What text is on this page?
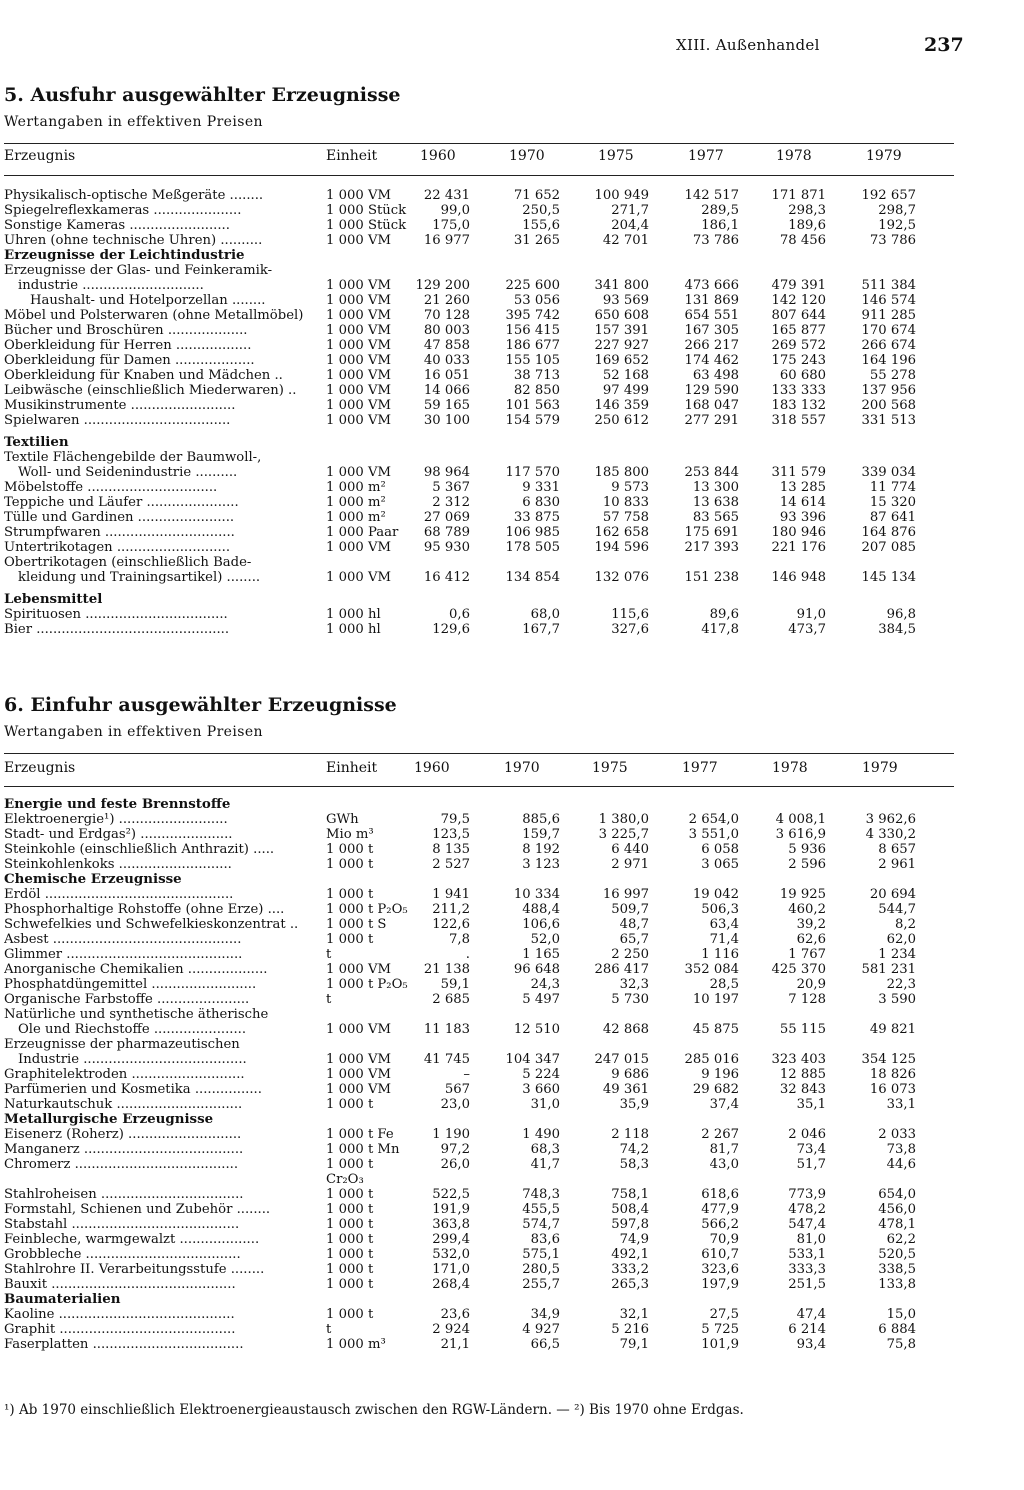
XIII. Außenhandel	237
5. Ausfuhr ausgewählter Erzeugnisse
Wertangaben in effektiven Preisen
Erzeugnis	Einheit	1960	1970	1975	1977	1978	1979
Physikalisch-optische Meßgeräte ........	1 000 VM	22 431	71 652	100 949	142 517	171 871	192 657
Spiegelreflexkameras .....................	1 000 Stück	99,0	250,5	271,7	289,5	298,3	298,7
Sonstige Kameras ........................	1 000 Stück	175,0	155,6	204,4	186,1	189,6	192,5
Uhren (ohne technische Uhren) ..........	1 000 VM	16 977	31 265	42 701	73 786	78 456	73 786
Erzeugnisse der Leichtindustrie
Erzeugnisse der Glas- und Feinkeramik-
industrie .............................	1 000 VM	129 200	225 600	341 800	473 666	479 391	511 384
Haushalt- und Hotelporzellan ........	1 000 VM	21 260	53 056	93 569	131 869	142 120	146 574
Möbel und Polsterwaren (ohne Metallmöbel)	1 000 VM	70 128	395 742	650 608	654 551	807 644	911 285
Bücher und Broschüren ...................	1 000 VM	80 003	156 415	157 391	167 305	165 877	170 674
Oberkleidung für Herren ..................	1 000 VM	47 858	186 677	227 927	266 217	269 572	266 674
Oberkleidung für Damen ...................	1 000 VM	40 033	155 105	169 652	174 462	175 243	164 196
Oberkleidung für Knaben und Mädchen ..	1 000 VM	16 051	38 713	52 168	63 498	60 680	55 278
Leibwäsche (einschließlich Miederwaren) ..	1 000 VM	14 066	82 850	97 499	129 590	133 333	137 956
Musikinstrumente .........................	1 000 VM	59 165	101 563	146 359	168 047	183 132	200 568
Spielwaren ...................................	1 000 VM	30 100	154 579	250 612	277 291	318 557	331 513
Textilien
Textile Flächengebilde der Baumwoll-,
Woll- und Seidenindustrie ..........	1 000 VM	98 964	117 570	185 800	253 844	311 579	339 034
Möbelstoffe ...............................	1 000 m²	5 367	9 331	9 573	13 300	13 285	11 774
Teppiche und Läufer ......................	1 000 m²	2 312	6 830	10 833	13 638	14 614	15 320
Tülle und Gardinen .......................	1 000 m²	27 069	33 875	57 758	83 565	93 396	87 641
Strumpfwaren ...............................	1 000 Paar	68 789	106 985	162 658	175 691	180 946	164 876
Untertrikotagen ...........................	1 000 VM	95 930	178 505	194 596	217 393	221 176	207 085
Obertrikotagen (einschließlich Bade-
kleidung und Trainingsartikel) ........	1 000 VM	16 412	134 854	132 076	151 238	146 948	145 134
Lebensmittel
Spirituosen ..................................	1 000 hl	0,6	68,0	115,6	89,6	91,0	96,8
Bier ..............................................	1 000 hl	129,6	167,7	327,6	417,8	473,7	384,5
6. Einfuhr ausgewählter Erzeugnisse
Wertangaben in effektiven Preisen
Erzeugnis	Einheit	1960	1970	1975	1977	1978	1979
Energie und feste Brennstoffe
Elektroenergie¹) ..........................	GWh	79,5	885,6	1 380,0	2 654,0	4 008,1	3 962,6
Stadt- und Erdgas²) ......................	Mio m³	123,5	159,7	3 225,7	3 551,0	3 616,9	4 330,2
Steinkohle (einschließlich Anthrazit) .....	1 000 t	8 135	8 192	6 440	6 058	5 936	8 657
Steinkohlenkoks ...........................	1 000 t	2 527	3 123	2 971	3 065	2 596	2 961
Chemische Erzeugnisse
Erdöl .............................................	1 000 t	1 941	10 334	16 997	19 042	19 925	20 694
Phosphorhaltige Rohstoffe (ohne Erze) ....	1 000 t P₂O₅	211,2	488,4	509,7	506,3	460,2	544,7
Schwefelkies und Schwefelkieskonzentrat ..	1 000 t S	122,6	106,6	48,7	63,4	39,2	8,2
Asbest .............................................	1 000 t	7,8	52,0	65,7	71,4	62,6	62,0
Glimmer ..........................................	t	.	1 165	2 250	1 116	1 767	1 234
Anorganische Chemikalien ...................	1 000 VM	21 138	96 648	286 417	352 084	425 370	581 231
Phosphatdüngemittel .........................	1 000 t P₂O₅	59,1	24,3	32,3	28,5	20,9	22,3
Organische Farbstoffe ......................	t	2 685	5 497	5 730	10 197	7 128	3 590
Natürliche und synthetische ätherische
Öle und Riechstoffe ......................	1 000 VM	11 183	12 510	42 868	45 875	55 115	49 821
Erzeugnisse der pharmazeutischen
Industrie .......................................	1 000 VM	41 745	104 347	247 015	285 016	323 403	354 125
Graphitelektroden ...........................	1 000 VM	–	5 224	9 686	9 196	12 885	18 826
Parfümerien und Kosmetika ................	1 000 VM	567	3 660	49 361	29 682	32 843	16 073
Naturkautschuk ..............................	1 000 t	23,0	31,0	35,9	37,4	35,1	33,1
Metallurgische Erzeugnisse
Eisenerz (Roherz) ...........................	1 000 t Fe	1 190	1 490	2 118	2 267	2 046	2 033
Manganerz ......................................	1 000 t Mn	97,2	68,3	74,2	81,7	73,4	73,8
Chromerz .......................................	1 000 t	26,0	41,7	58,3	43,0	51,7	44,6
Cr₂O₃
Stahlroheisen ..................................	1 000 t	522,5	748,3	758,1	618,6	773,9	654,0
Formstahl, Schienen und Zubehör ........	1 000 t	191,9	455,5	508,4	477,9	478,2	456,0
Stabstahl ........................................	1 000 t	363,8	574,7	597,8	566,2	547,4	478,1
Feinbleche, warmgewalzt ...................	1 000 t	299,4	83,6	74,9	70,9	81,0	62,2
Grobbleche .....................................	1 000 t	532,0	575,1	492,1	610,7	533,1	520,5
Stahlrohre II. Verarbeitungsstufe ........	1 000 t	171,0	280,5	333,2	323,6	333,3	338,5
Bauxit ............................................	1 000 t	268,4	255,7	265,3	197,9	251,5	133,8
Baumaterialien
Kaoline ..........................................	1 000 t	23,6	34,9	32,1	27,5	47,4	15,0
Graphit ..........................................	t	2 924	4 927	5 216	5 725	6 214	6 884
Faserplatten ....................................	1 000 m³	21,1	66,5	79,1	101,9	93,4	75,8
¹) Ab 1970 einschließlich Elektroenergieaustausch zwischen den RGW-Ländern. — ²) Bis 1970 ohne Erdgas.
